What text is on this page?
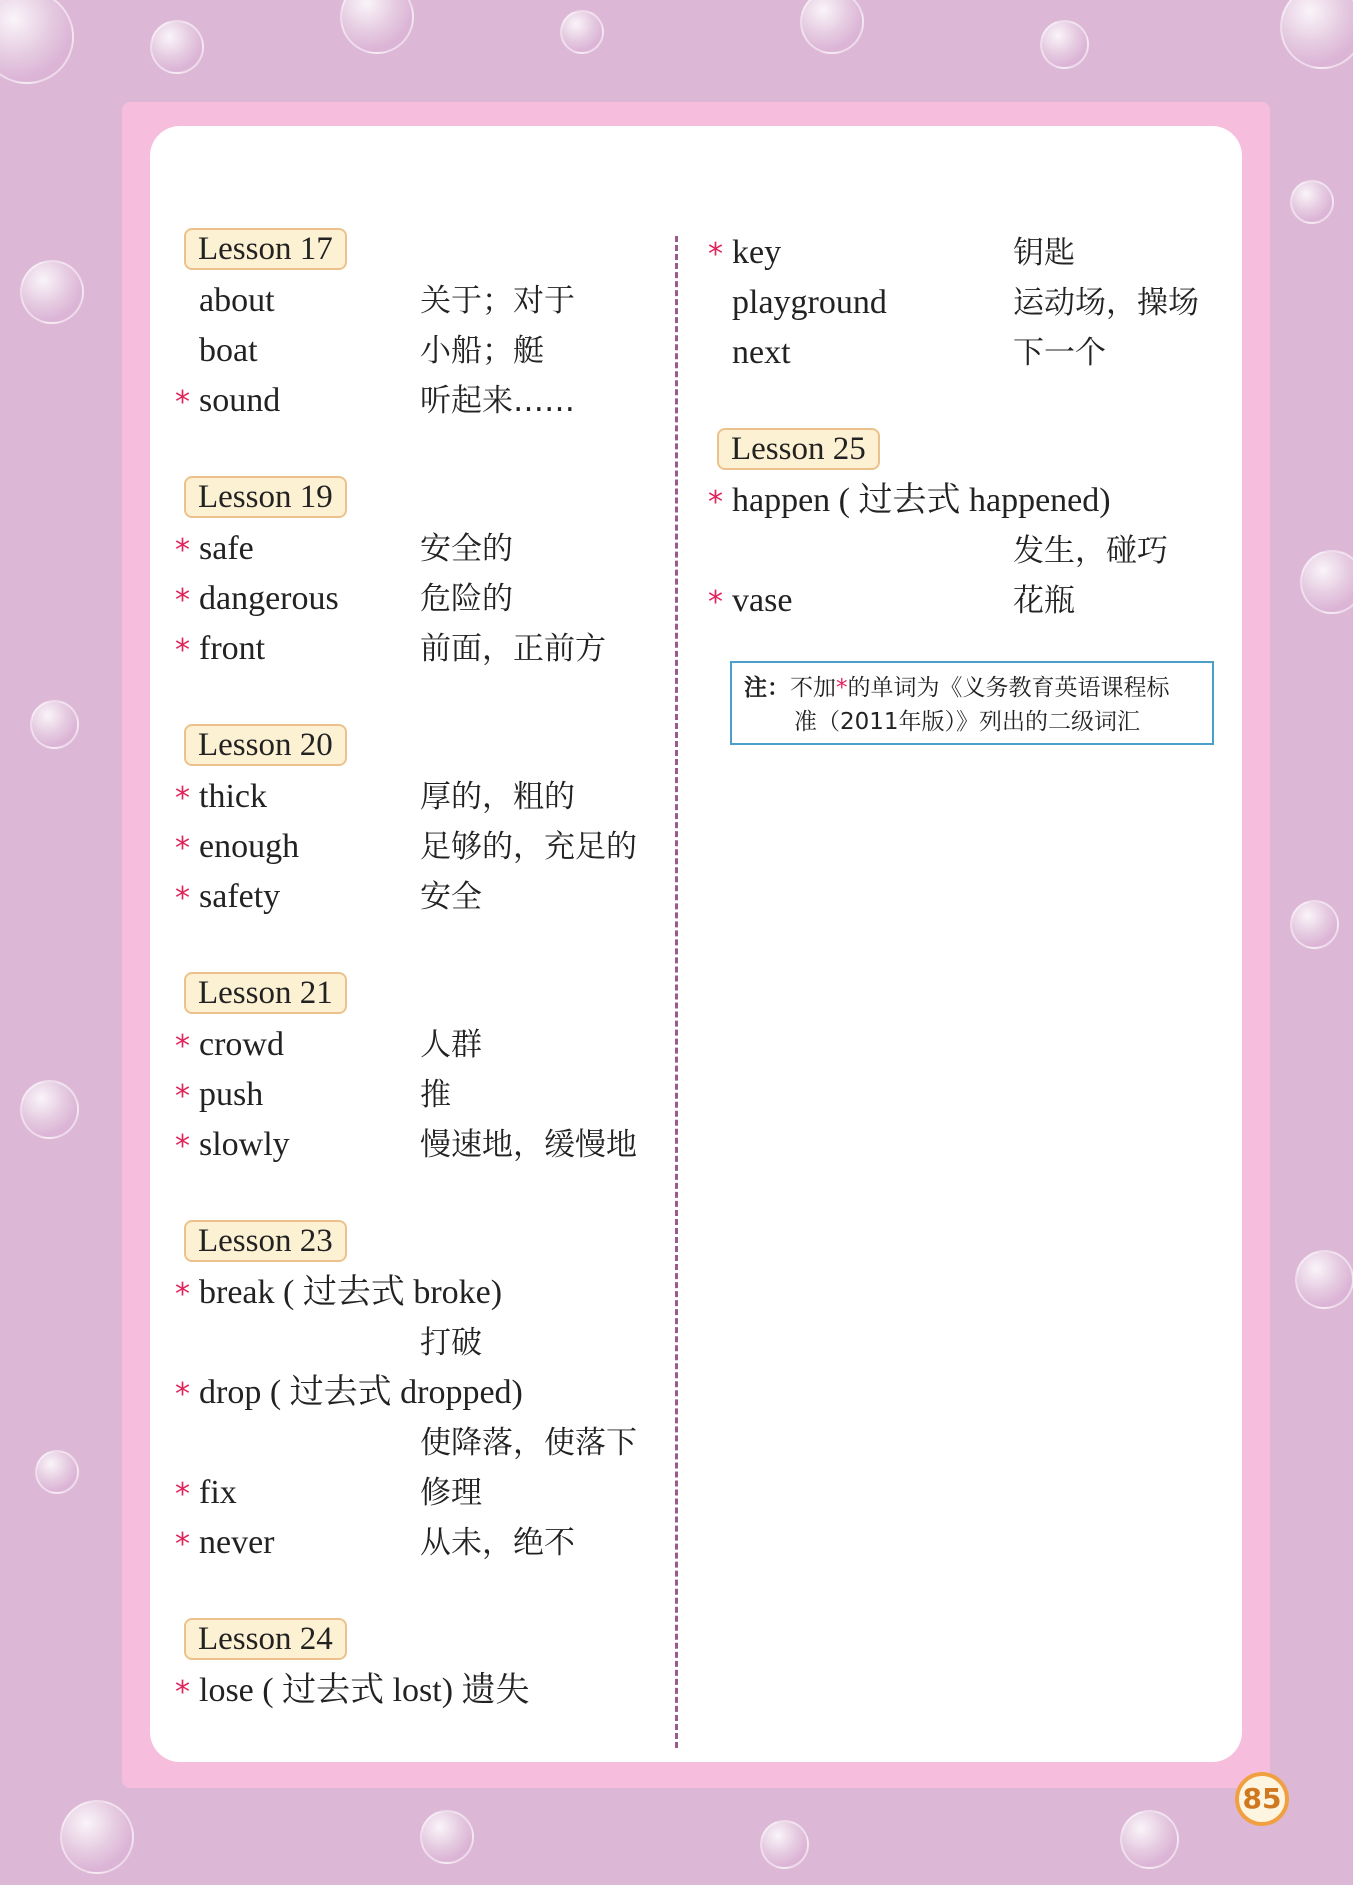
Lesson 17
about	关于；对于
boat	小船；艇
* sound	听起来……
Lesson 19
* safe	安全的
* dangerous	危险的
* front	前面，正前方
Lesson 20
* thick	厚的，粗的
* enough	足够的，充足的
* safety	安全
Lesson 21
* crowd	人群
* push	推
* slowly	慢速地，缓慢地
Lesson 23
* break ( 过去式 broke)
打破
* drop ( 过去式 dropped)
使降落，使落下
* fix	修理
* never	从未，绝不
Lesson 24
* lose ( 过去式 lost) 遗失
* key	钥匙
playground	运动场，操场
next	下一个
Lesson 25
* happen ( 过去式 happened)
发生，碰巧
* vase	花瓶
注：不加*的单词为《义务教育英语课程标
准（2011年版）》列出的二级词汇
85
